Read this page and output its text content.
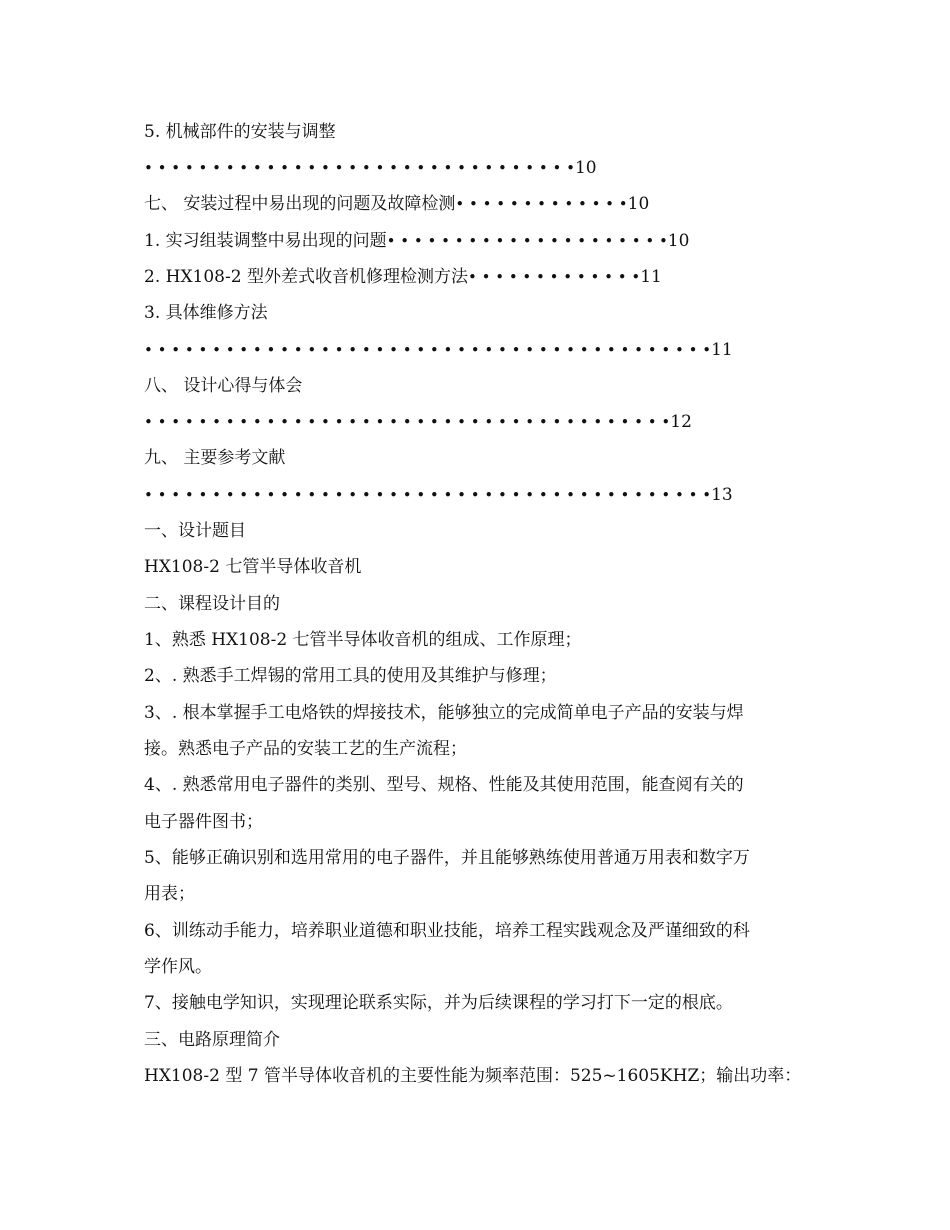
5. 机械部件的安装与调整
• • • • • • • • • • • • • • • • • • • • • • • • • • • • • • • •10
七、 安装过程中易出现的问题及故障检测• • • • • • • • • • • • •10
1. 实习组装调整中易出现的问题• • • • • • • • • • • • • • • • • • • • •10
2. HX108-2 型外差式收音机修理检测方法• • • • • • • • • • • • •11
3. 具体维修方法
• • • • • • • • • • • • • • • • • • • • • • • • • • • • • • • • • • • • • • • • • •11
八、 设计心得与体会
• • • • • • • • • • • • • • • • • • • • • • • • • • • • • • • • • • • • • • •12
九、 主要参考文献
• • • • • • • • • • • • • • • • • • • • • • • • • • • • • • • • • • • • • • • • • •13
一、设计题目
HX108-2 七管半导体收音机
二、课程设计目的
1、熟悉 HX108-2 七管半导体收音机的组成、工作原理；
2、. 熟悉手工焊锡的常用工具的使用及其维护与修理；
3、. 根本掌握手工电烙铁的焊接技术，能够独立的完成简单电子产品的安装与焊
接。熟悉电子产品的安装工艺的生产流程；
4、. 熟悉常用电子器件的类别、型号、规格、性能及其使用范围，能查阅有关的
电子器件图书；
5、能够正确识别和选用常用的电子器件，并且能够熟练使用普通万用表和数字万
用表；
6、训练动手能力，培养职业道德和职业技能，培养工程实践观念及严谨细致的科
学作风。
7、接触电学知识，实现理论联系实际，并为后续课程的学习打下一定的根底。
三、电路原理简介
HX108-2 型 7 管半导体收音机的主要性能为频率范围：525~1605KHZ；输出功率：
